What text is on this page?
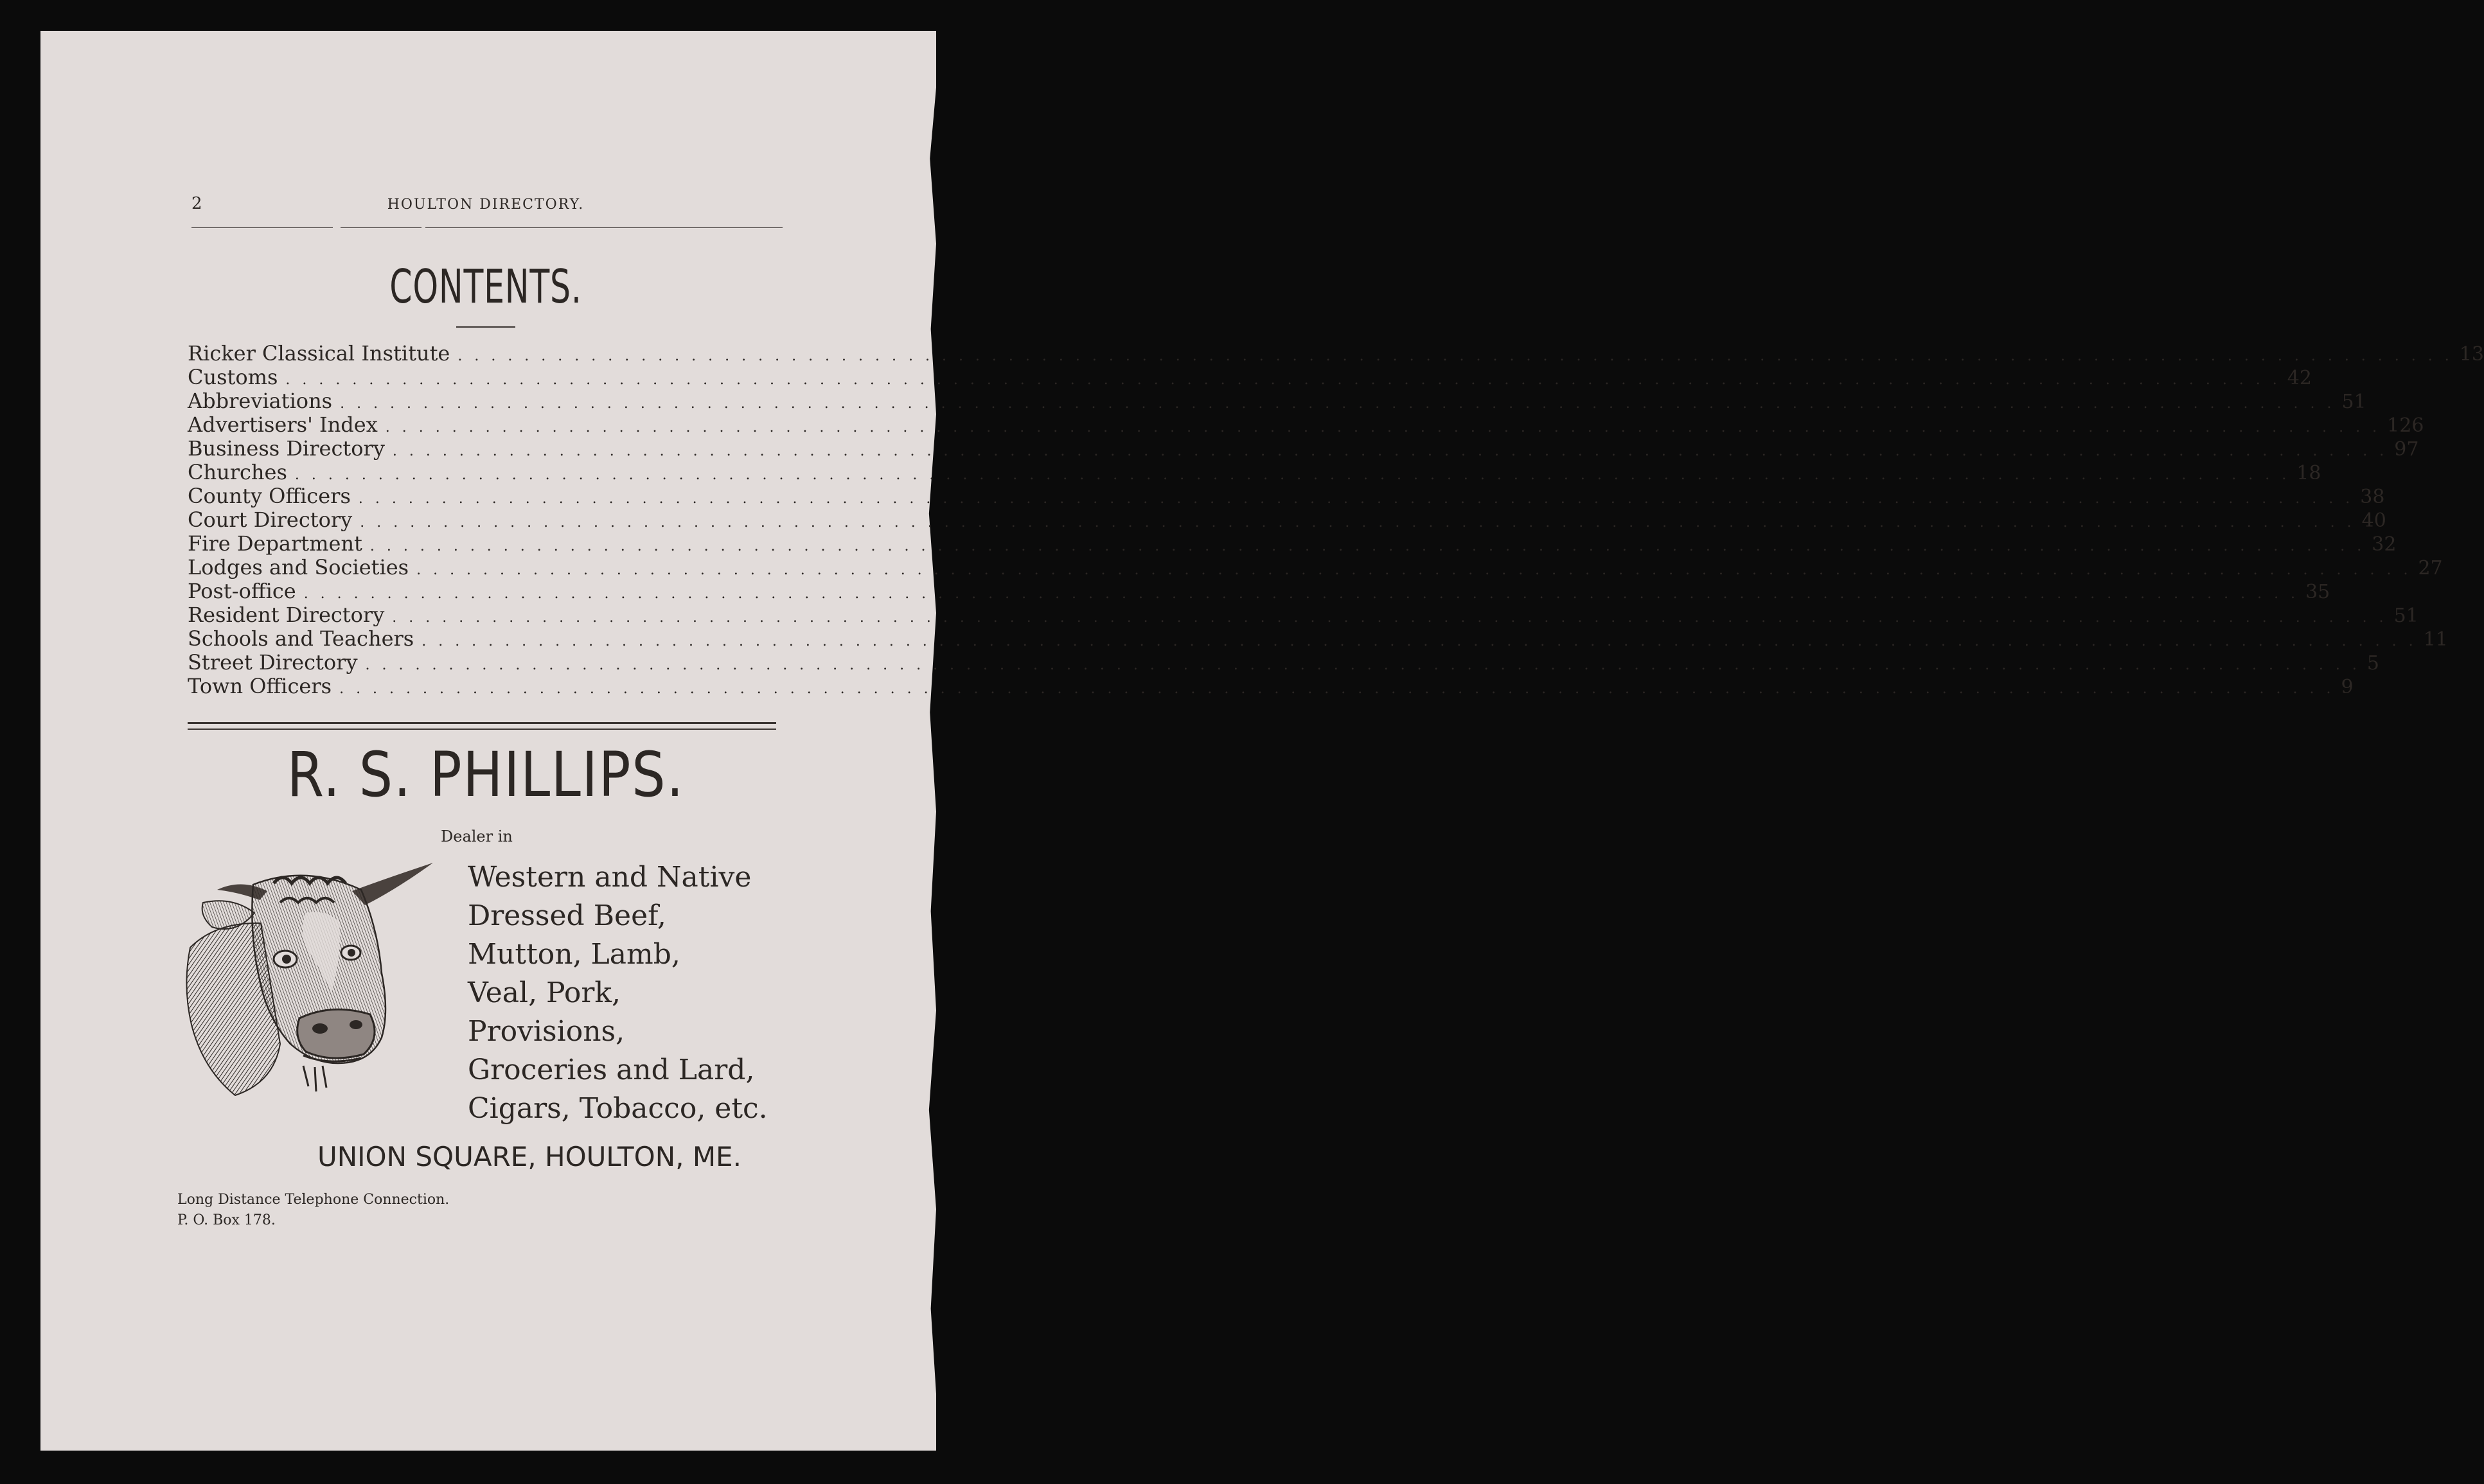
2	HOULTON DIRECTORY.
CONTENTS.
Ricker Classical Institute . . . . . . . . . . . . . . . . . . . . . . . . . . . . . . . . . . . . . . . . . . . . . . . . . . . . . . . . . . . . . . . . . . . . . . . . . . . . . . . . . . . . . . . . . . . . . . . . . . . . . . . . . . . . . . . . . . . . . . . . 13
Customs . . . . . . . . . . . . . . . . . . . . . . . . . . . . . . . . . . . . . . . . . . . . . . . . . . . . . . . . . . . . . . . . . . . . . . . . . . . . . . . . . . . . . . . . . . . . . . . . . . . . . . . . . . . . . . . . . . . . . . . . 42
Abbreviations . . . . . . . . . . . . . . . . . . . . . . . . . . . . . . . . . . . . . . . . . . . . . . . . . . . . . . . . . . . . . . . . . . . . . . . . . . . . . . . . . . . . . . . . . . . . . . . . . . . . . . . . . . . . . . . . . . . . . . . . 51
Advertisers' Index . . . . . . . . . . . . . . . . . . . . . . . . . . . . . . . . . . . . . . . . . . . . . . . . . . . . . . . . . . . . . . . . . . . . . . . . . . . . . . . . . . . . . . . . . . . . . . . . . . . . . . . . . . . . . . . . . . . . . . . . 126
Business Directory . . . . . . . . . . . . . . . . . . . . . . . . . . . . . . . . . . . . . . . . . . . . . . . . . . . . . . . . . . . . . . . . . . . . . . . . . . . . . . . . . . . . . . . . . . . . . . . . . . . . . . . . . . . . . . . . . . . . . . . . 97
Churches . . . . . . . . . . . . . . . . . . . . . . . . . . . . . . . . . . . . . . . . . . . . . . . . . . . . . . . . . . . . . . . . . . . . . . . . . . . . . . . . . . . . . . . . . . . . . . . . . . . . . . . . . . . . . . . . . . . . . . . . 18
County Officers . . . . . . . . . . . . . . . . . . . . . . . . . . . . . . . . . . . . . . . . . . . . . . . . . . . . . . . . . . . . . . . . . . . . . . . . . . . . . . . . . . . . . . . . . . . . . . . . . . . . . . . . . . . . . . . . . . . . . . . . 38
Court Directory . . . . . . . . . . . . . . . . . . . . . . . . . . . . . . . . . . . . . . . . . . . . . . . . . . . . . . . . . . . . . . . . . . . . . . . . . . . . . . . . . . . . . . . . . . . . . . . . . . . . . . . . . . . . . . . . . . . . . . . . 40
Fire Department . . . . . . . . . . . . . . . . . . . . . . . . . . . . . . . . . . . . . . . . . . . . . . . . . . . . . . . . . . . . . . . . . . . . . . . . . . . . . . . . . . . . . . . . . . . . . . . . . . . . . . . . . . . . . . . . . . . . . . . . 32
Lodges and Societies . . . . . . . . . . . . . . . . . . . . . . . . . . . . . . . . . . . . . . . . . . . . . . . . . . . . . . . . . . . . . . . . . . . . . . . . . . . . . . . . . . . . . . . . . . . . . . . . . . . . . . . . . . . . . . . . . . . . . . . . 27
Post-office . . . . . . . . . . . . . . . . . . . . . . . . . . . . . . . . . . . . . . . . . . . . . . . . . . . . . . . . . . . . . . . . . . . . . . . . . . . . . . . . . . . . . . . . . . . . . . . . . . . . . . . . . . . . . . . . . . . . . . . . 35
Resident Directory . . . . . . . . . . . . . . . . . . . . . . . . . . . . . . . . . . . . . . . . . . . . . . . . . . . . . . . . . . . . . . . . . . . . . . . . . . . . . . . . . . . . . . . . . . . . . . . . . . . . . . . . . . . . . . . . . . . . . . . . 51
Schools and Teachers . . . . . . . . . . . . . . . . . . . . . . . . . . . . . . . . . . . . . . . . . . . . . . . . . . . . . . . . . . . . . . . . . . . . . . . . . . . . . . . . . . . . . . . . . . . . . . . . . . . . . . . . . . . . . . . . . . . . . . . . 11
Street Directory . . . . . . . . . . . . . . . . . . . . . . . . . . . . . . . . . . . . . . . . . . . . . . . . . . . . . . . . . . . . . . . . . . . . . . . . . . . . . . . . . . . . . . . . . . . . . . . . . . . . . . . . . . . . . . . . . . . . . . . . 5
Town Officers . . . . . . . . . . . . . . . . . . . . . . . . . . . . . . . . . . . . . . . . . . . . . . . . . . . . . . . . . . . . . . . . . . . . . . . . . . . . . . . . . . . . . . . . . . . . . . . . . . . . . . . . . . . . . . . . . . . . . . . . 9
R. S. PHILLIPS.
Dealer in
Western and Native
Dressed Beef,
Mutton, Lamb,
Veal, Pork,
Provisions,
Groceries and Lard,
Cigars, Tobacco, etc.
UNION SQUARE, HOULTON, ME.
Long Distance Telephone Connection.
P. O. Box 178.
